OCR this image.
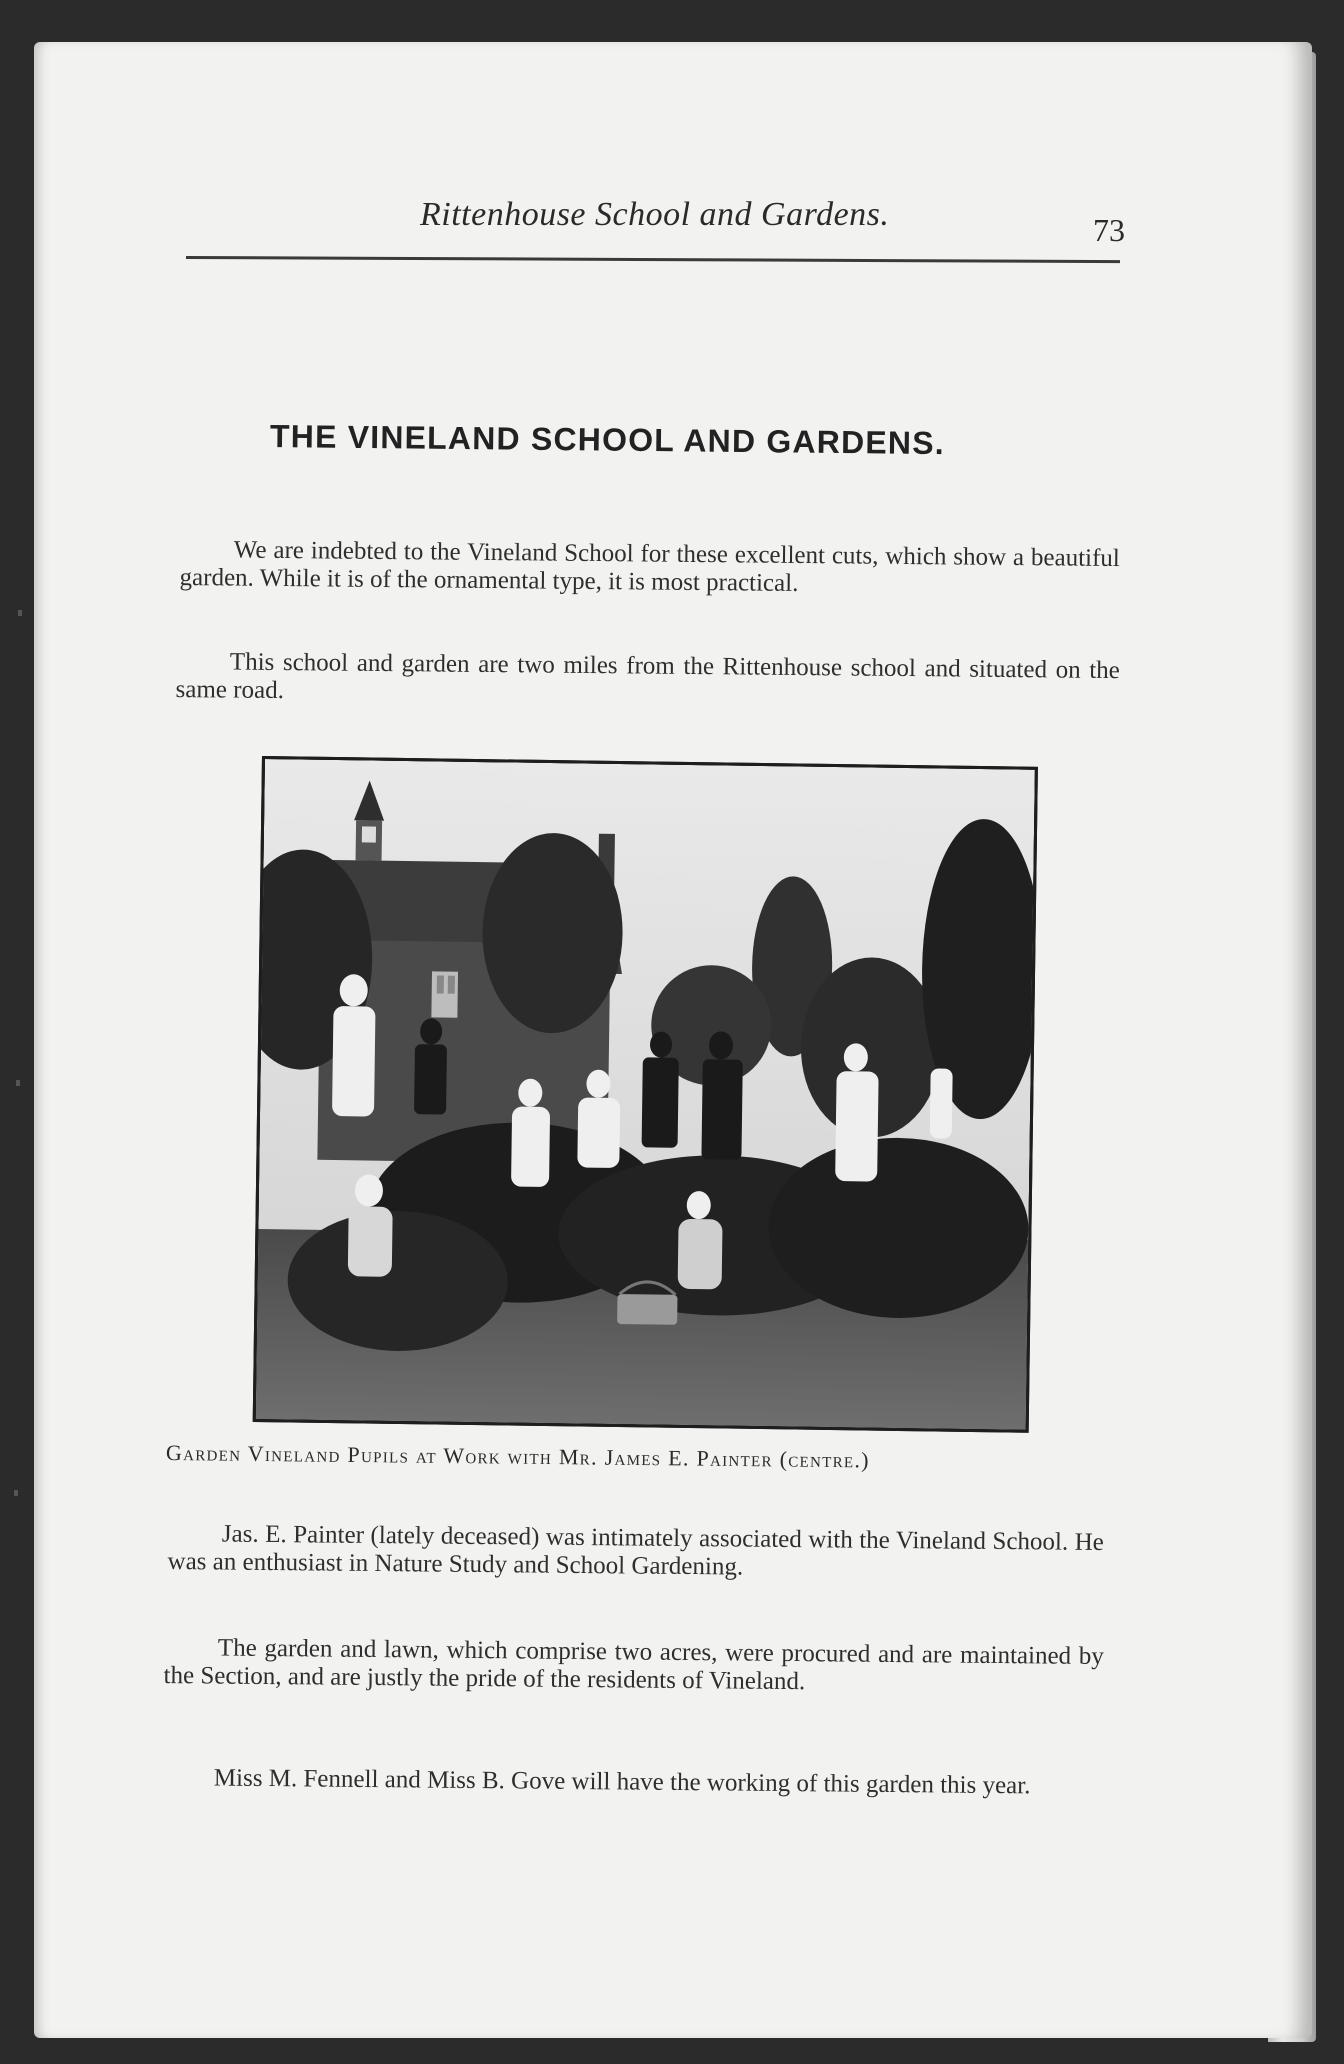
Rittenhouse School and Gardens.	73
THE VINELAND SCHOOL AND GARDENS.

We are indebted to the Vineland School for these excellent cuts, which show a beautiful garden. While it is of the ornamental type, it is most practical.

This school and garden are two miles from the Rittenhouse school and situated on the same road.

Garden Vineland Pupils at Work with Mr. James E. Painter (centre.)

Jas. E. Painter (lately deceased) was intimately associated with the Vineland School. He was an enthusiast in Nature Study and School Gardening.

The garden and lawn, which comprise two acres, were procured and are maintained by the Section, and are justly the pride of the residents of Vineland.

Miss M. Fennell and Miss B. Gove will have the working of this garden this year.
